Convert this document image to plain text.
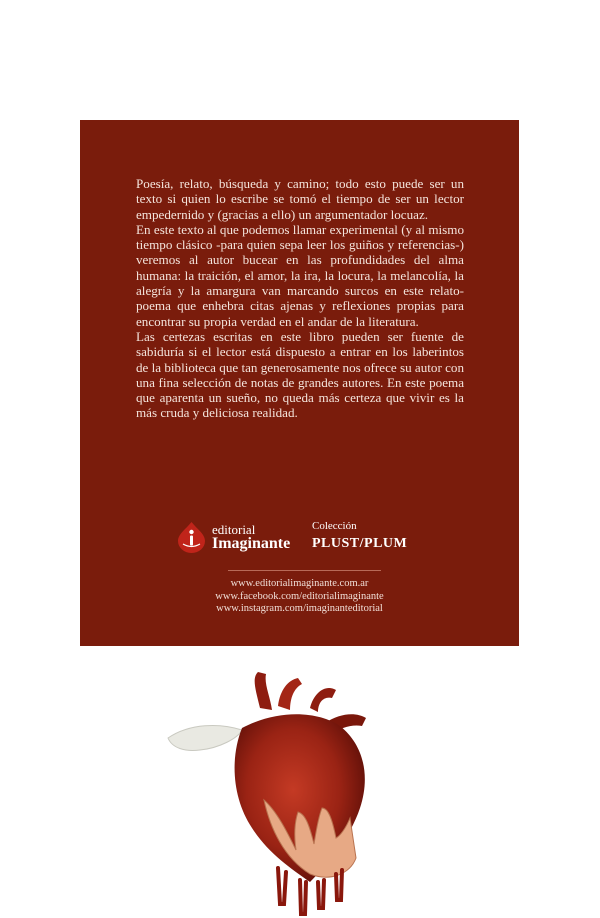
Poesía, relato, búsqueda y camino; todo esto puede ser un texto si quien lo escribe se tomó el tiempo de ser un lector empedernido y (gracias a ello) un argumentador locuaz.

En este texto al que podemos llamar experimental (y al mismo tiempo clásico -para quien sepa leer los guiños y referencias-) veremos al autor bucear en las profundidades del alma humana: la traición, el amor, la ira, la locura, la melancolía, la alegría y la amargura van marcando surcos en este relato-poema que enhebra citas ajenas y reflexiones propias para encontrar su propia verdad en el andar de la literatura.

Las certezas escritas en este libro pueden ser fuente de sabiduría si el lector está dispuesto a entrar en los laberintos de la biblioteca que tan generosamente nos ofrece su autor con una fina selección de notas de grandes autores. En este poema que aparenta un sueño, no queda más certeza que vivir es la más cruda y deliciosa realidad.

editorial
Imaginante
Colección
PLUST/PLUM
www.editorialimaginante.com.ar
www.facebook.com/editorialimaginante
www.instagram.com/imaginanteditorial
